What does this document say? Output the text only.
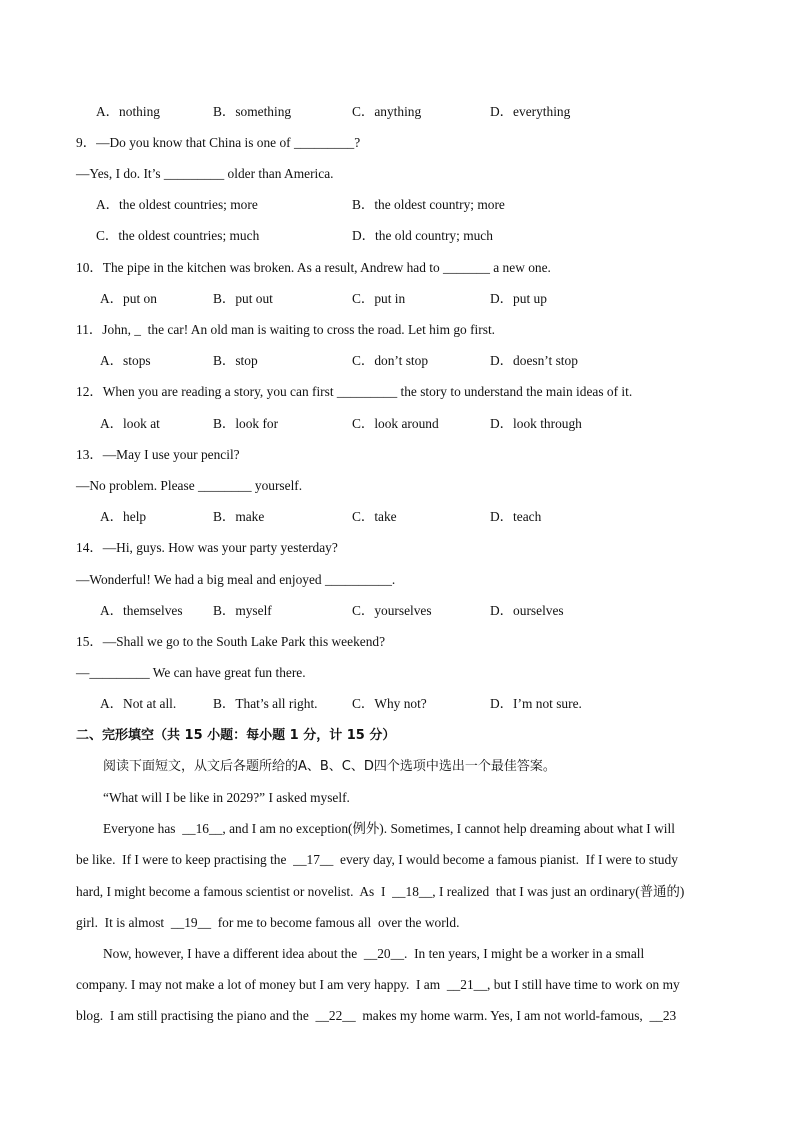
A．nothing	B．something	C．anything	D．everything
9．—Do you know that China is one of _________?
—Yes, I do. It’s _________ older than America.
A．the oldest countries; more	B．the oldest country; more
C．the oldest countries; much	D．the old country; much
10．The pipe in the kitchen was broken. As a result, Andrew had to _______ a new one.
A．put on	B．put out	C．put in	D．put up
11．John, _  the car! An old man is waiting to cross the road. Let him go first.
A．stops	B．stop	C．don’t stop	D．doesn’t stop
12．When you are reading a story, you can first _________ the story to understand the main ideas of it.
A．look at	B．look for	C．look around	D．look through
13．—May I use your pencil?
—No problem. Please ________ yourself.
A．help	B．make	C．take	D．teach
14．—Hi, guys. How was your party yesterday?
—Wonderful! We had a big meal and enjoyed __________.
A．themselves B．myself	C．yourselves	D．ourselves
15．—Shall we go to the South Lake Park this weekend?
—_________ We can have great fun there.
A．Not at all.	B．That’s all right.	C．Why not?	D．I’m not sure.
二、完形填空（共 15 小题：每小题 1 分，计 15 分）
阅读下面短文，从文后各题所给的A、B、C、D四个选项中选出一个最佳答案。
“What will I be like in 2029?” I asked myself.
Everyone has  __16__, and I am no exception(例外). Sometimes, I cannot help dreaming about what I will
be like.  If I were to keep practising the  __17__  every day, I would become a famous pianist.  If I were to study
hard, I might become a famous scientist or novelist.  As  I  __18__, I realized  that I was just an ordinary(普通的)
girl.  It is almost  __19__  for me to become famous all  over the world.
Now, however, I have a different idea about the  __20__.  In ten years, I might be a worker in a small
company. I may not make a lot of money but I am very happy.  I am  __21__, but I still have time to work on my
blog.  I am still practising the piano and the  __22__  makes my home warm. Yes, I am not world-famous,  __23
